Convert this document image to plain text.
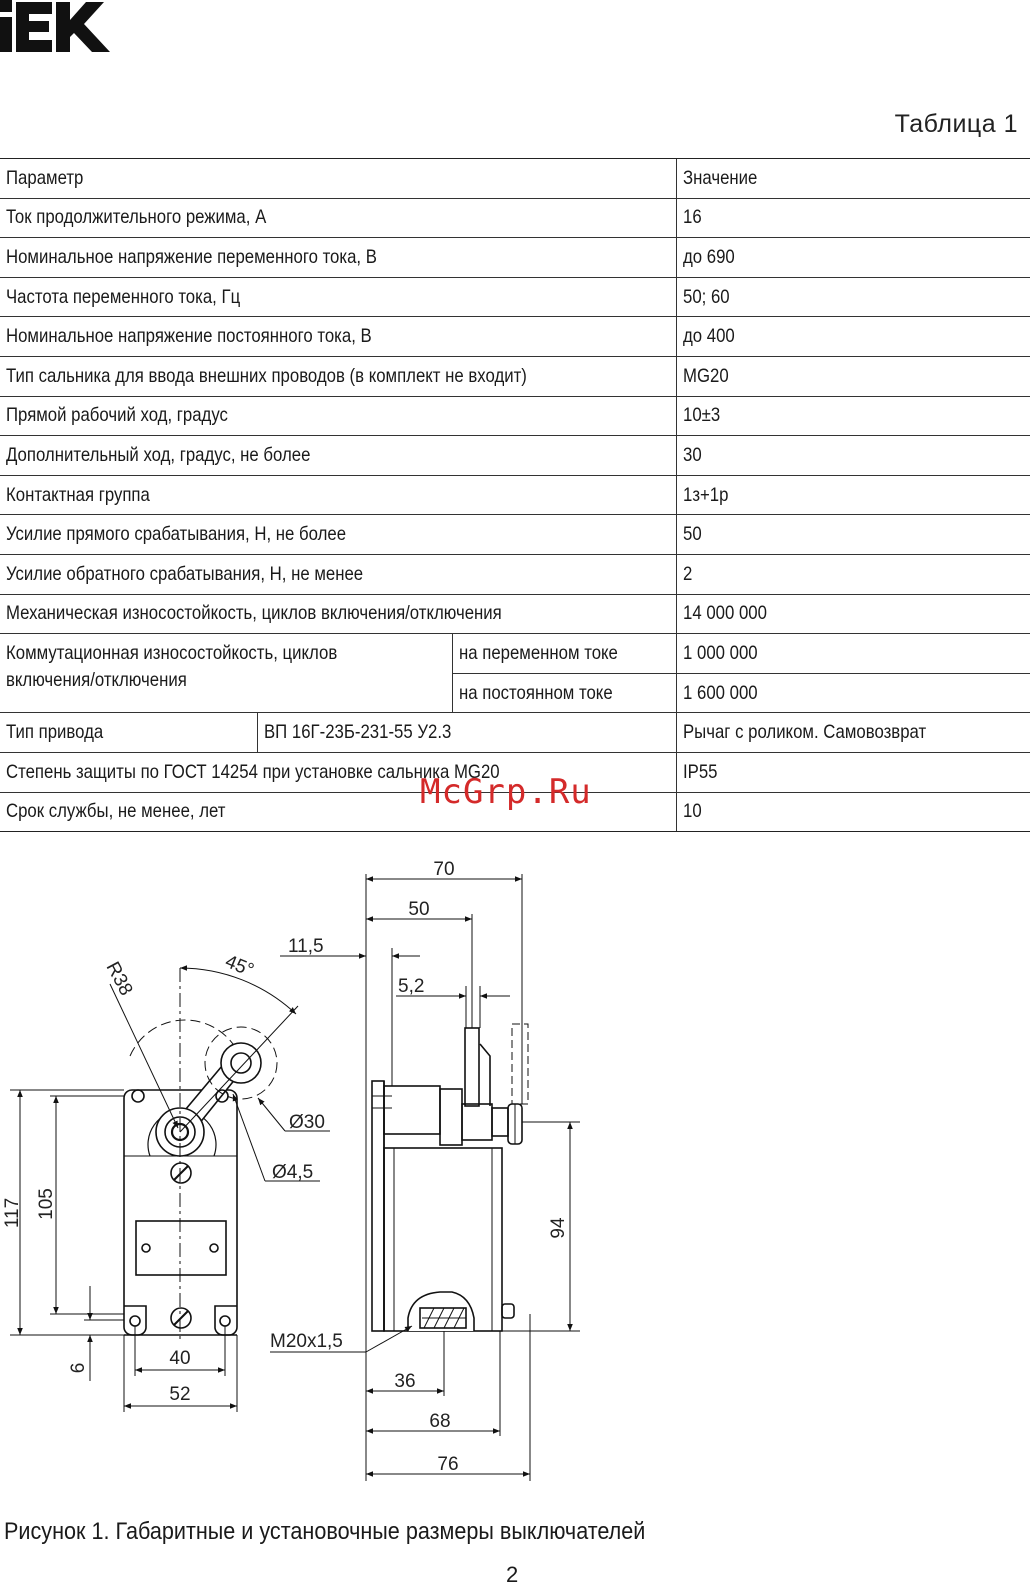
Таблица 1
Параметр			Значение
Ток продолжительного режима, А			16
Номинальное напряжение переменного тока, В			до 690
Частота переменного тока, Гц			50; 60
Номинальное напряжение постоянного тока, В			до 400
Тип сальника для ввода внешних проводов (в комплект не входит)			MG20
Прямой рабочий ход, градус			10±3
Дополнительный ход, градус, не более			30
Контактная группа			1з+1р
Усилие прямого срабатывания, Н, не более			50
Усилие обратного срабатывания, Н, не менее			2
Механическая износостойкость, циклов включения/отключения			14 000 000
Коммутационная износостойкость, циклов включения/отключения		на переменном токе	1 000 000
		на постоянном токе	1 600 000
Тип привода	ВП 16Г-23Б-231-55 У2.3		Рычаг с роликом. Самовозврат
Степень защиты по ГОСТ 14254 при установке сальника MG20			IP55
Срок службы, не менее, лет			10
McGrp.Ru
117 105
6	40
52
R38	45°
Ø30
Ø4,5
70
50
11,5
5,2
94
M20x1,5
36
68
76
Рисунок 1. Габаритные и установочные размеры выключателей
2
